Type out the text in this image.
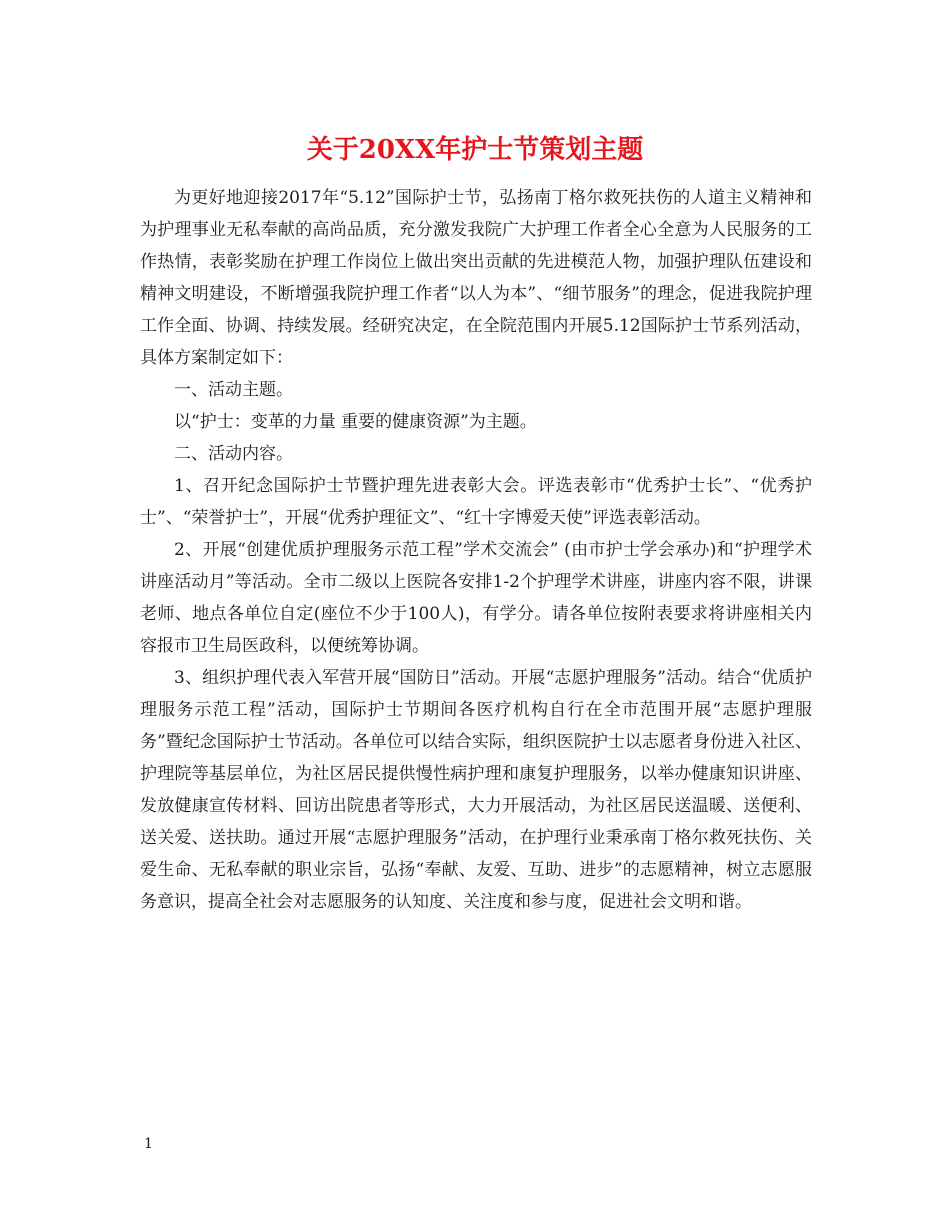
关于20XX年护士节策划主题

为更好地迎接2017年“5.12”国际护士节，弘扬南丁格尔救死扶伤的人道主义精神和为护理事业无私奉献的高尚品质，充分激发我院广大护理工作者全心全意为人民服务的工作热情，表彰奖励在护理工作岗位上做出突出贡献的先进模范人物，加强护理队伍建设和精神文明建设，不断增强我院护理工作者“以人为本”、“细节服务”的理念，促进我院护理工作全面、协调、持续发展。经研究决定，在全院范围内开展5.12国际护士节系列活动，具体方案制定如下：

一、活动主题。

以“护士：变革的力量 重要的健康资源”为主题。

二、活动内容。

1、召开纪念国际护士节暨护理先进表彰大会。评选表彰市“优秀护士长”、“优秀护士”、“荣誉护士”，开展“优秀护理征文”、“红十字博爱天使”评选表彰活动。

2、开展“创建优质护理服务示范工程”学术交流会” (由市护士学会承办)和“护理学术讲座活动月”等活动。全市二级以上医院各安排1-2个护理学术讲座，讲座内容不限，讲课老师、地点各单位自定(座位不少于100人)，有学分。请各单位按附表要求将讲座相关内容报市卫生局医政科，以便统筹协调。

3、组织护理代表入军营开展“国防日”活动。开展“志愿护理服务”活动。结合“优质护理服务示范工程”活动，国际护士节期间各医疗机构自行在全市范围开展“志愿护理服务”暨纪念国际护士节活动。各单位可以结合实际，组织医院护士以志愿者身份进入社区、护理院等基层单位，为社区居民提供慢性病护理和康复护理服务，以举办健康知识讲座、发放健康宣传材料、回访出院患者等形式，大力开展活动，为社区居民送温暖、送便利、送关爱、送扶助。通过开展“志愿护理服务”活动，在护理行业秉承南丁格尔救死扶伤、关爱生命、无私奉献的职业宗旨，弘扬“奉献、友爱、互助、进步”的志愿精神，树立志愿服务意识，提高全社会对志愿服务的认知度、关注度和参与度，促进社会文明和谐。

1
